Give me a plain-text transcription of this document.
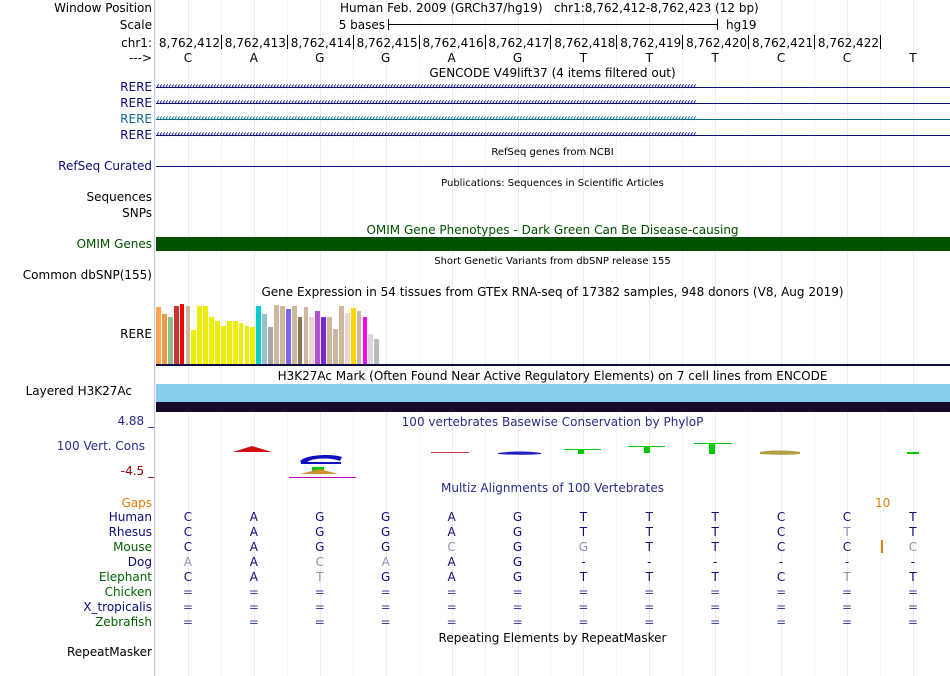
Window Position
Scale
chr1:
--->
Human Feb. 2009 (GRCh37/hg19)   chr1:8,762,412-8,762,423 (12 bp)
5 bases	hg19
8,762,412 8,762,413 8,762,414 8,762,415 8,762,416 8,762,417 8,762,418 8,762,419 8,762,420 8,762,421 8,762,422
C	A	G	G	A	G	T	T	T	C	C	T
GENCODE V49lift37 (4 items filtered out)
RERE ‹‹‹‹‹‹‹‹‹‹‹‹‹‹‹‹‹‹‹‹‹‹‹‹‹‹‹‹‹‹‹‹‹‹‹‹‹‹‹‹‹‹‹‹‹‹‹‹‹‹‹‹‹‹‹‹‹‹‹‹‹‹‹‹‹‹‹‹‹‹‹‹‹‹‹‹‹‹‹‹‹‹‹‹‹‹‹‹‹‹‹‹‹‹‹‹‹‹‹‹‹‹‹‹‹‹‹‹‹‹‹‹‹‹‹‹‹‹‹‹‹‹‹‹‹‹‹‹‹‹‹‹‹‹‹‹‹‹‹‹‹‹‹‹‹‹‹‹‹‹‹‹‹‹‹‹‹‹‹‹‹‹‹‹‹‹‹‹‹‹‹‹‹‹‹‹‹‹‹‹
RERE ‹‹‹‹‹‹‹‹‹‹‹‹‹‹‹‹‹‹‹‹‹‹‹‹‹‹‹‹‹‹‹‹‹‹‹‹‹‹‹‹‹‹‹‹‹‹‹‹‹‹‹‹‹‹‹‹‹‹‹‹‹‹‹‹‹‹‹‹‹‹‹‹‹‹‹‹‹‹‹‹‹‹‹‹‹‹‹‹‹‹‹‹‹‹‹‹‹‹‹‹‹‹‹‹‹‹‹‹‹‹‹‹‹‹‹‹‹‹‹‹‹‹‹‹‹‹‹‹‹‹‹‹‹‹‹‹‹‹‹‹‹‹‹‹‹‹‹‹‹‹‹‹‹‹‹‹‹‹‹‹‹‹‹‹‹‹‹‹‹‹‹‹‹‹‹‹‹‹‹‹
RERE ‹‹‹‹‹‹‹‹‹‹‹‹‹‹‹‹‹‹‹‹‹‹‹‹‹‹‹‹‹‹‹‹‹‹‹‹‹‹‹‹‹‹‹‹‹‹‹‹‹‹‹‹‹‹‹‹‹‹‹‹‹‹‹‹‹‹‹‹‹‹‹‹‹‹‹‹‹‹‹‹‹‹‹‹‹‹‹‹‹‹‹‹‹‹‹‹‹‹‹‹‹‹‹‹‹‹‹‹‹‹‹‹‹‹‹‹‹‹‹‹‹‹‹‹‹‹‹‹‹‹‹‹‹‹‹‹‹‹‹‹‹‹‹‹‹‹‹‹‹‹‹‹‹‹‹‹‹‹‹‹‹‹‹‹‹‹‹‹‹‹‹‹‹‹‹‹‹‹‹‹
RERE ‹‹‹‹‹‹‹‹‹‹‹‹‹‹‹‹‹‹‹‹‹‹‹‹‹‹‹‹‹‹‹‹‹‹‹‹‹‹‹‹‹‹‹‹‹‹‹‹‹‹‹‹‹‹‹‹‹‹‹‹‹‹‹‹‹‹‹‹‹‹‹‹‹‹‹‹‹‹‹‹‹‹‹‹‹‹‹‹‹‹‹‹‹‹‹‹‹‹‹‹‹‹‹‹‹‹‹‹‹‹‹‹‹‹‹‹‹‹‹‹‹‹‹‹‹‹‹‹‹‹‹‹‹‹‹‹‹‹‹‹‹‹‹‹‹‹‹‹‹‹‹‹‹‹‹‹‹‹‹‹‹‹‹‹‹‹‹‹‹‹‹‹‹‹‹‹‹‹‹‹
RefSeq genes from NCBI
RefSeq Curated
Publications: Sequences in Scientific Articles
Sequences
SNPs
OMIM Gene Phenotypes - Dark Green Can Be Disease-causing
OMIM Genes
Short Genetic Variants from dbSNP release 155
Common dbSNP(155)
Gene Expression in 54 tissues from GTEx RNA-seq of 17382 samples, 948 donors (V8, Aug 2019)
RERE
H3K27Ac Mark (Often Found Near Active Regulatory Elements) on 7 cell lines from ENCODE
Layered H3K27Ac
100 vertebrates Basewise Conservation by PhyloP
4.88 _
100 Vert. Cons
-4.5 _
Multiz Alignments of 100 Vertebrates
Gaps	10
Human	C	A	G	G	A	G	T	T	T	C	C	T
Rhesus	C	A	G	G	A	G	T	T	T	C	T	T
Mouse	C	A	G	G	C	G	G	T	T	C	C	C
Dog	A	A	C	A	A	G	-	-	-	-	-	-
Elephant	C	A	T	G	A	G	T	T	T	C	T	T
Chicken	=	=	=	=	=	=	=	=	=	=	=	=
X_tropicalis	=	=	=	=	=	=	=	=	=	=	=	=
Zebrafish	=	=	=	=	=	=	=	=	=	=	=	=
Repeating Elements by RepeatMasker
RepeatMasker
